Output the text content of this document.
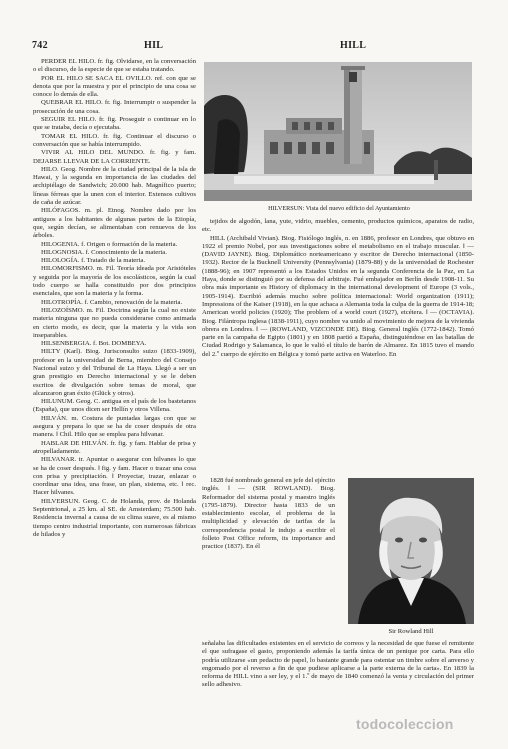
742	HIL	HILL

PERDER EL HILO. fr. fig. Olvidarse, en la conversación o el discurso, de la especie de que se estaba tratando.

POR EL HILO SE SACA EL OVILLO. ref. con que se denota que por la muestra y por el principio de una cosa se conoce lo demás de ella.

QUEBRAR EL HILO. fr. fig. Interrumpir o suspender la prosecución de una cosa.

SEGUIR EL HILO. fr. fig. Proseguir o continuar en lo que se trataba, decía o ejecutaba.

TOMAR EL HILO. fr. fig. Continuar el discurso o conversación que se había interrumpido.

VIVIR AL HILO DEL MUNDO. fr. fig. y fam. DEJARSE LLEVAR DE LA CORRIENTE.

HILO. Geog. Nombre de la ciudad principal de la isla de Hawai, y la segunda en importancia de las ciudades del archipiélago de Sandwich; 20.000 hab. Magnífico puerto; líneas férreas que la unen con el interior. Extensos cultivos de caña de azúcar.

HILÓFAGOS. m. pl. Etnog. Nombre dado por los antiguos a los habitantes de algunas partes de la Etiopía, que, según decían, se alimentaban con renuevos de los árboles.

HILOGENIA. f. Origen o formación de la materia.

HILOGNOSIA. f. Conocimiento de la materia.

HILOLOGÍA. f. Tratado de la materia.

HILOMORFISMO. m. Fil. Teoría ideada por Aristóteles y seguida por la mayoría de los escolásticos, según la cual todo cuerpo se halla constituido por dos principios esenciales, que son la materia y la forma.

HILOTROPÍA. f. Cambio, renovación de la materia.

HILOZOÍSMO. m. Fil. Doctrina según la cual no existe materia ninguna que no pueda considerarse como animada en cierto modo, es decir, que la materia y la vida son inseparables.

HILSENBERGIA. f. Bot. DOMBEYA.

HILTY (Karl). Biog. Jurisconsulto suizo (1833-1909), profesor en la universidad de Berna, miembro del Consejo Nacional suizo y del Tribunal de La Haya. Llegó a ser un gran prestigio en Derecho internacional y se le deben escritos de divulgación sobre temas de moral, que alcanzaron gran éxito (Glück y otros).

HILUNUM. Geog. C. antigua en el país de los bastetanos (España), que unos dicen ser Hellín y otros Villena.

HILVÁN. m. Costura de puntadas largas con que se asegura y prepara lo que se ha de coser después de otra manera. ‖ Chil. Hilo que se emplea para hilvanar.

HABLAR DE HILVÁN. fr. fig. y fam. Hablar de prisa y atropelladamente.

HILVANAR. tr. Apuntar o asegurar con hilvanes lo que se ha de coser después. ‖ fig. y fam. Hacer o trazar una cosa con prisa y precipitación. ‖ Proyectar, trazar, enlazar o coordinar una idea, una frase, un plan, sistema, etc. ‖ rec. Hacer hilvanes.

HILVERSUN. Geog. C. de Holanda, prov. de Holanda Septentrional, a 25 km. al SE. de Amsterdam; 75.500 hab. Residencia invernal a causa de su clima suave, es al mismo tiempo centro industrial importante, con numerosas fábricas de hilados y

HILVERSUN: Vista del nuevo edificio del Ayuntamiento

tejidos de algodón, lana, yute, vidrio, muebles, cemento, productos químicos, aparatos de radio, etc.

HILL (Archibald Vivian). Biog. Fisiólogo inglés, n. en 1886, profesor en Londres, que obtuvo en 1922 el premio Nobel, por sus investigaciones sobre el metabolismo en el trabajo muscular. ‖ — (DAVID JAYNE). Biog. Diplomático norteamericano y escritor de Derecho internacional (1850-1932). Rector de la Bucknell University (Pennsylvania) (1879-88) y de la universidad de Rochester (1888-96); en 1907 representó a los Estados Unidos en la segunda Conferencia de la Paz, en La Haya, donde se distinguió por su defensa del arbitraje. Fué embajador en Berlín desde 1908-11. Su obra más importante es History of diplomacy in the international development of Europe (3 vols., 1905-1914). Escribió además mucho sobre política internacional: World organization (1911); Impressions of the Kaiser (1918), en la que achaca a Alemania toda la culpa de la guerra de 1914-18; American world policies (1920); The problem of a world court (1927), etcétera. ‖ — (OCTAVIA). Biog. Filántropa inglesa (1838-1911), cuyo nombre va unido al movimiento de mejora de la vivienda obrera en Londres. ‖ — (ROWLAND, VIZCONDE DE). Biog. General inglés (1772-1842). Tomó parte en la campaña de Egipto (1801) y en 1808 partió a España, distinguiéndose en las batallas de Ciudad Rodrigo y Salamanca, lo que le valió el título de barón de Almarez. En 1815 tuvo el mando del 2.º cuerpo de ejército en Bélgica y tomó parte activa en Waterloo. En

1828 fué nombrado general en jefe del ejército inglés. ‖ — (SIR ROWLAND). Biog. Reformador del sistema postal y maestro inglés (1795-1879). Director hasta 1833 de un establecimiento escolar, el problema de la multiplicidad y elevación de tarifas de la correspondencia postal le indujo a escribir el folleto Post Office reform, its importance and practice (1837). En él

Sir Rowland Hill

señalaba las dificultades existentes en el servicio de correos y la necesidad de que fuese el remitente el que sufragase el gasto, proponiendo además la tarifa única de un penique por carta. Para ello podría utilizarse «un pedacito de papel, lo bastante grande para ostentar un timbre sobre el anverso y engomado por el reverso a fin de que pudiese aplicarse a la parte externa de la carta». En 1839 la reforma de HILL vino a ser ley, y el 1.º de mayo de 1840 comenzó la venta y circulación del primer sello adhesivo.

todocoleccion
